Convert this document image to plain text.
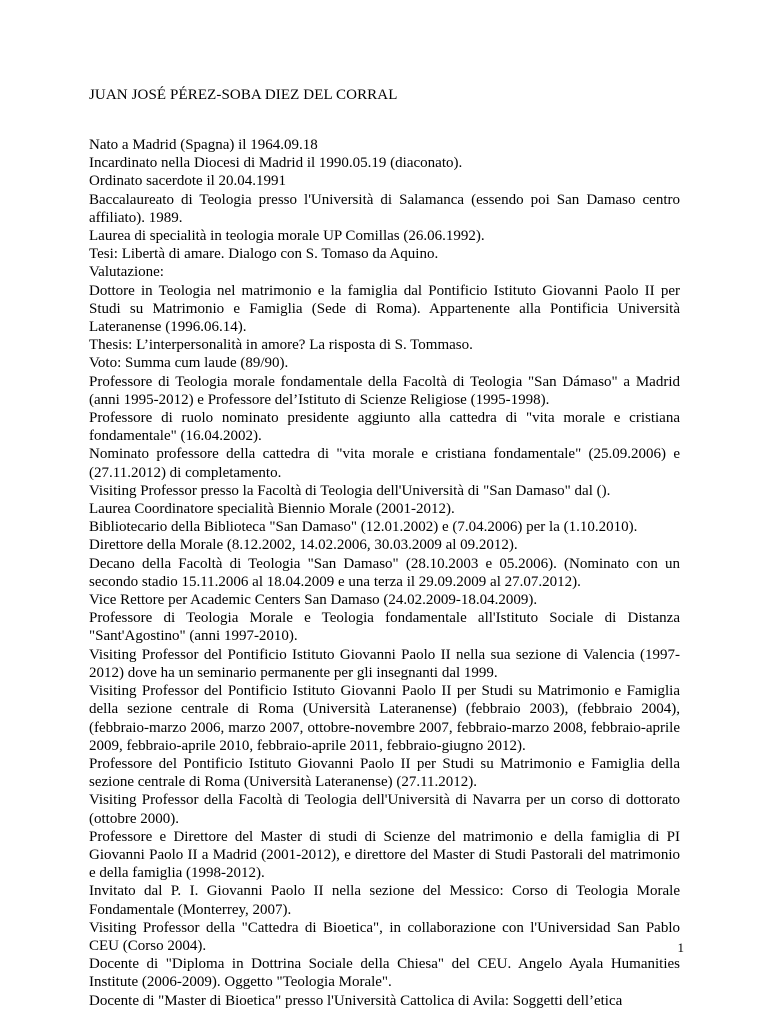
JUAN JOSÉ PÉREZ-SOBA DIEZ DEL CORRAL

Nato a Madrid (Spagna) il 1964.09.18

Incardinato nella Diocesi di Madrid il 1990.05.19 (diaconato).

Ordinato sacerdote il 20.04.1991

Baccalaureato di Teologia presso l'Università di Salamanca (essendo poi San Damaso centro affiliato). 1989.

Laurea di specialità in teologia morale UP Comillas (26.06.1992).

Tesi: Libertà di amare. Dialogo con S. Tomaso da Aquino.

Valutazione:

Dottore in Teologia nel matrimonio e la famiglia dal Pontificio Istituto Giovanni Paolo II per Studi su Matrimonio e Famiglia (Sede di Roma). Appartenente alla Pontificia Università Lateranense (1996.06.14).

Thesis: L’interpersonalità in amore? La risposta di S. Tommaso.

Voto: Summa cum laude (89/90).

Professore di Teologia morale fondamentale della Facoltà di Teologia "San Dámaso" a Madrid (anni 1995-2012) e Professore del’Istituto di Scienze Religiose (1995-1998).

Professore di ruolo nominato presidente aggiunto alla cattedra di "vita morale e cristiana fondamentale" (16.04.2002).

Nominato professore della cattedra di "vita morale e cristiana fondamentale" (25.09.2006) e (27.11.2012) di completamento.

Visiting Professor presso la Facoltà di Teologia dell'Università di "San Damaso" dal ().

Laurea Coordinatore specialità Biennio Morale (2001-2012).

Bibliotecario della Biblioteca "San Damaso" (12.01.2002) e (7.04.2006) per la (1.10.2010).

Direttore della Morale (8.12.2002, 14.02.2006, 30.03.2009 al 09.2012).

Decano della Facoltà di Teologia "San Damaso" (28.10.2003 e 05.2006). (Nominato con un secondo stadio 15.11.2006 al 18.04.2009 e una terza il 29.09.2009 al 27.07.2012).

Vice Rettore per Academic Centers San Damaso (24.02.2009-18.04.2009).

Professore di Teologia Morale e Teologia fondamentale all'Istituto Sociale di Distanza "Sant'Agostino" (anni 1997-2010).

Visiting Professor del Pontificio Istituto Giovanni Paolo II nella sua sezione di Valencia (1997-2012) dove ha un seminario permanente per gli insegnanti dal 1999.

Visiting Professor del Pontificio Istituto Giovanni Paolo II per Studi su Matrimonio e Famiglia della sezione centrale di Roma (Università Lateranense) (febbraio 2003), (febbraio 2004), (febbraio-marzo 2006, marzo 2007, ottobre-novembre 2007, febbraio-marzo 2008, febbraio-aprile 2009, febbraio-aprile 2010, febbraio-aprile 2011, febbraio-giugno 2012).

Professore del Pontificio Istituto Giovanni Paolo II per Studi su Matrimonio e Famiglia della sezione centrale di Roma (Università Lateranense) (27.11.2012).

Visiting Professor della Facoltà di Teologia dell'Università di Navarra per un corso di dottorato (ottobre 2000).

Professore e Direttore del Master di studi di Scienze del matrimonio e della famiglia di PI Giovanni Paolo II a Madrid (2001-2012), e direttore del Master di Studi Pastorali del matrimonio e della famiglia (1998-2012).

Invitato dal P. I. Giovanni Paolo II nella sezione del Messico: Corso di Teologia Morale Fondamentale (Monterrey, 2007).

Visiting Professor della "Cattedra di Bioetica", in collaborazione con l'Universidad San Pablo CEU (Corso 2004).

Docente di "Diploma in Dottrina Sociale della Chiesa" del CEU. Angelo Ayala Humanities Institute (2006-2009). Oggetto "Teologia Morale".

Docente di "Master di Bioetica" presso l'Università Cattolica di Avila: Soggetti dell’etica

1
